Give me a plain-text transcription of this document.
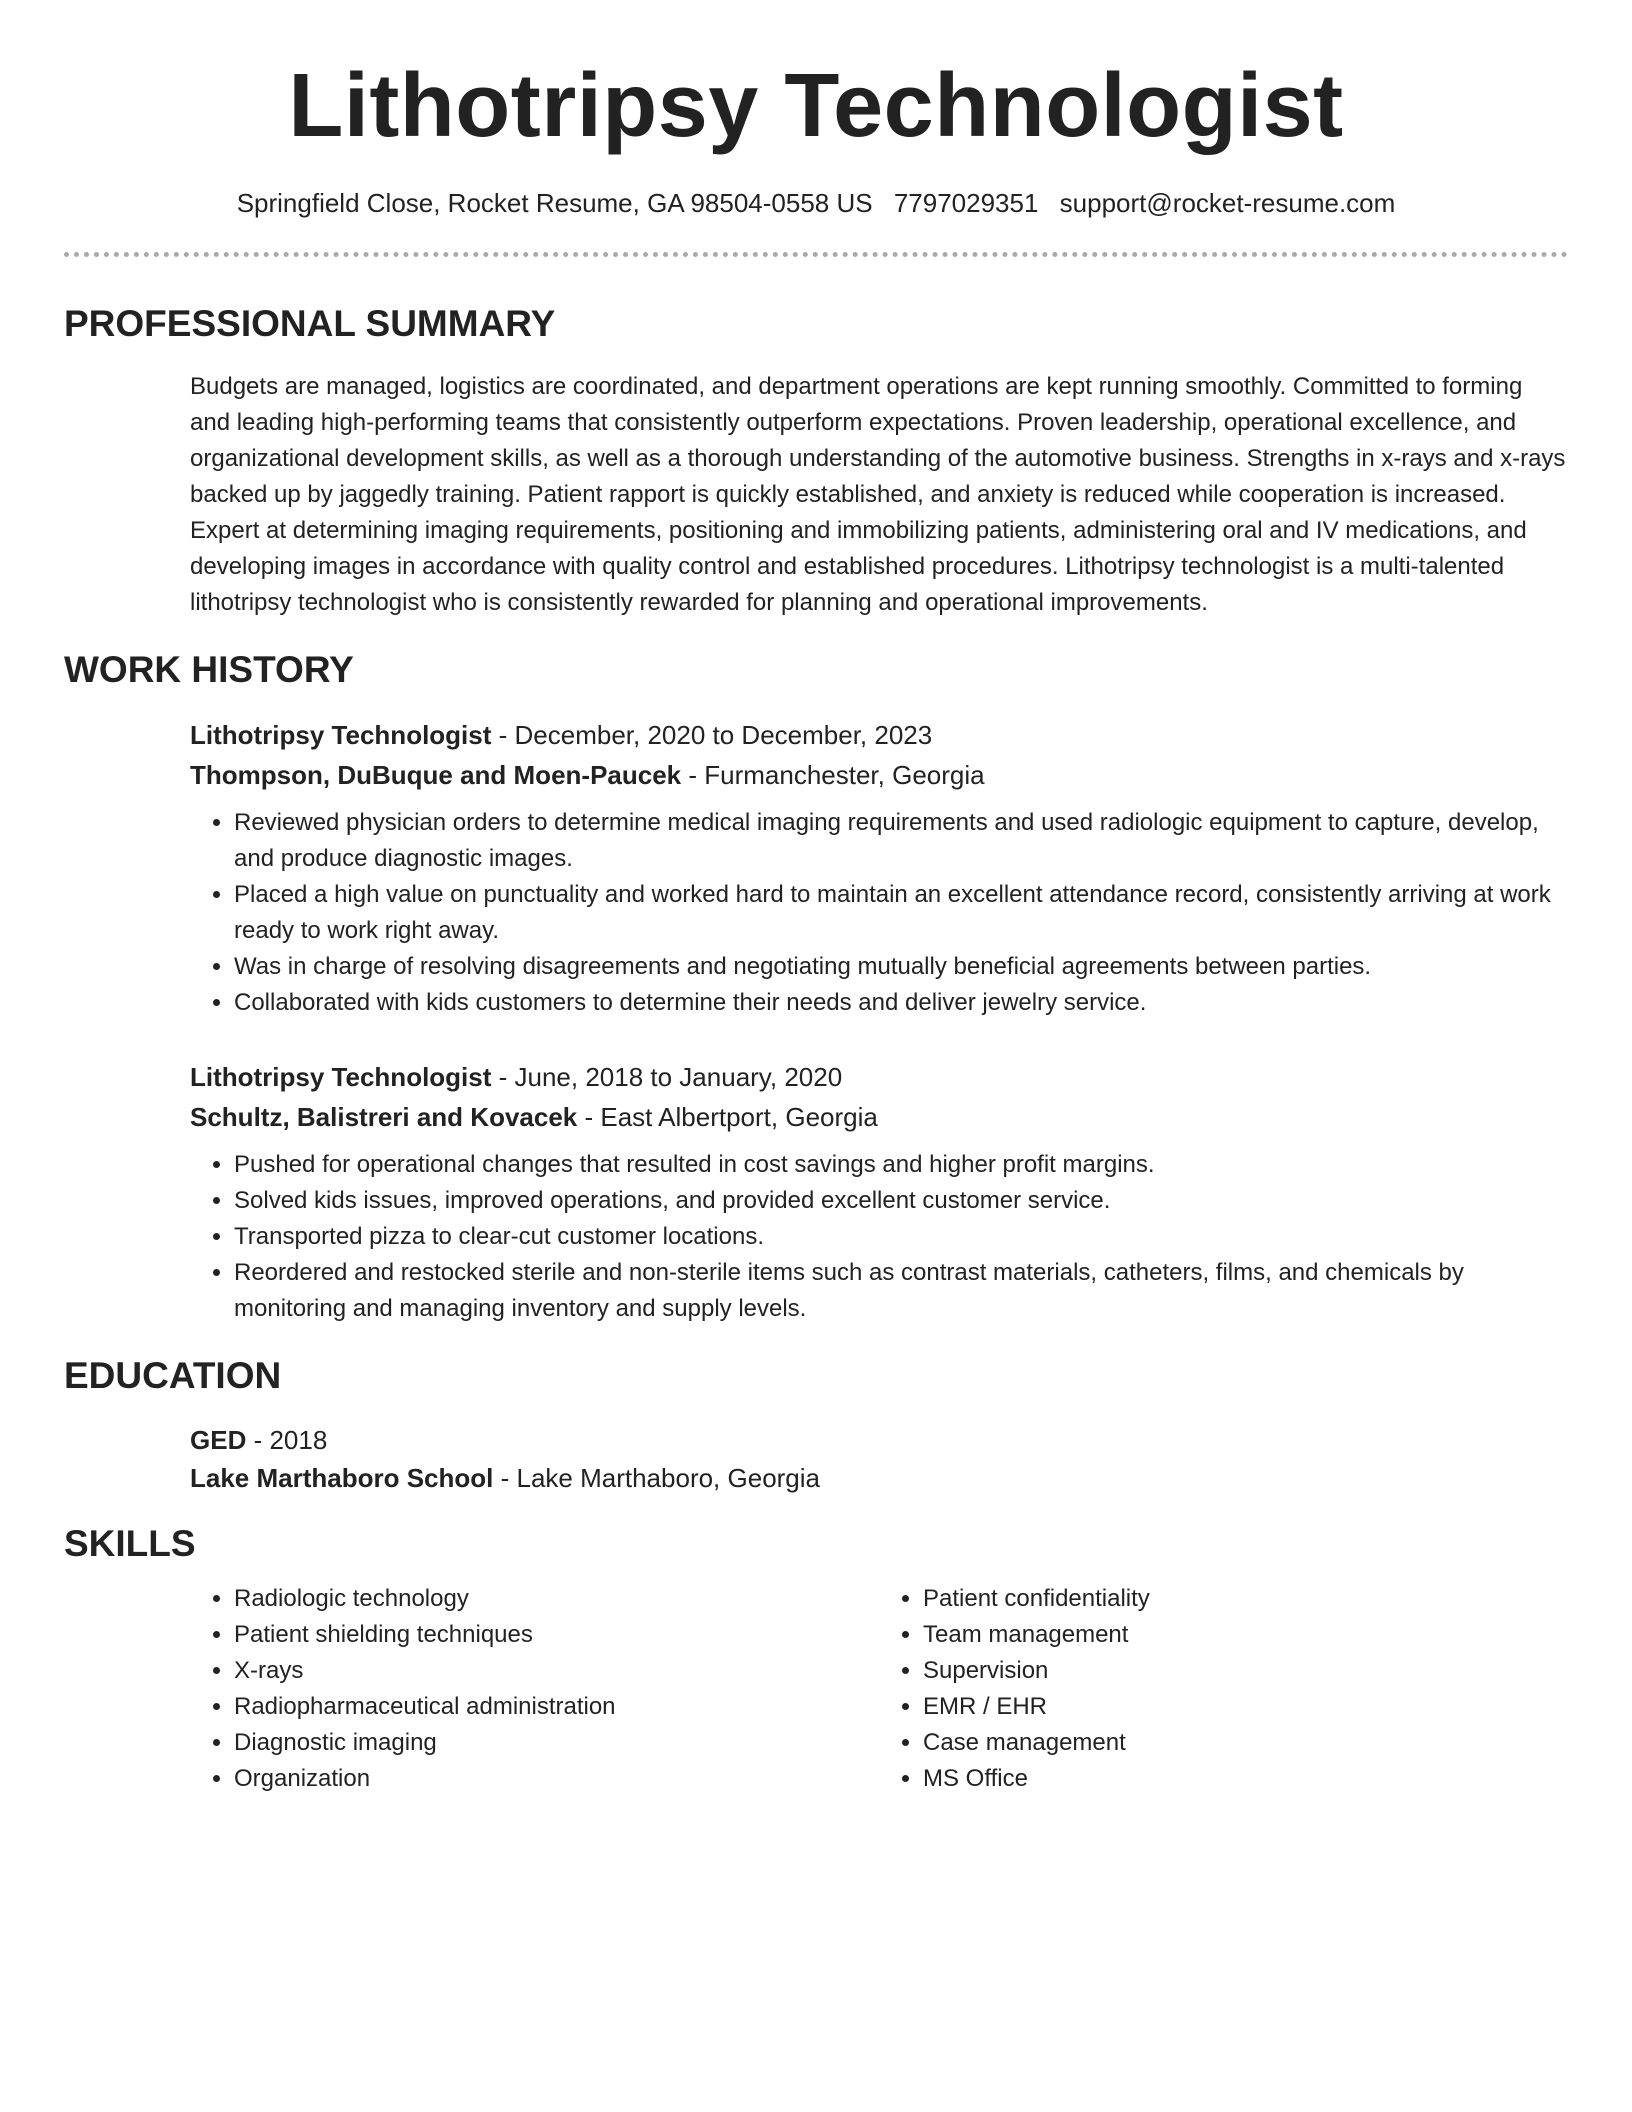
Lithotripsy Technologist
Springfield Close, Rocket Resume, GA 98504-0558 US 7797029351 support@rocket-resume.com
PROFESSIONAL SUMMARY
Budgets are managed, logistics are coordinated, and department operations are kept running smoothly. Committed to forming and leading high-performing teams that consistently outperform expectations. Proven leadership, operational excellence, and organizational development skills, as well as a thorough understanding of the automotive business. Strengths in x-rays and x-rays backed up by jaggedly training. Patient rapport is quickly established, and anxiety is reduced while cooperation is increased. Expert at determining imaging requirements, positioning and immobilizing patients, administering oral and IV medications, and developing images in accordance with quality control and established procedures. Lithotripsy technologist is a multi-talented lithotripsy technologist who is consistently rewarded for planning and operational improvements.
WORK HISTORY
Lithotripsy Technologist - December, 2020 to December, 2023
Thompson, DuBuque and Moen-Paucek - Furmanchester, Georgia
• Reviewed physician orders to determine medical imaging requirements and used radiologic equipment to capture, develop, and produce diagnostic images.
• Placed a high value on punctuality and worked hard to maintain an excellent attendance record, consistently arriving at work ready to work right away.
• Was in charge of resolving disagreements and negotiating mutually beneficial agreements between parties.
• Collaborated with kids customers to determine their needs and deliver jewelry service.
Lithotripsy Technologist - June, 2018 to January, 2020
Schultz, Balistreri and Kovacek - East Albertport, Georgia
• Pushed for operational changes that resulted in cost savings and higher profit margins.
• Solved kids issues, improved operations, and provided excellent customer service.
• Transported pizza to clear-cut customer locations.
• Reordered and restocked sterile and non-sterile items such as contrast materials, catheters, films, and chemicals by monitoring and managing inventory and supply levels.
EDUCATION
GED - 2018
Lake Marthaboro School - Lake Marthaboro, Georgia
SKILLS
• Radiologic technology
• Patient shielding techniques
• X-rays
• Radiopharmaceutical administration
• Diagnostic imaging
• Organization
• Patient confidentiality
• Team management
• Supervision
• EMR / EHR
• Case management
• MS Office
